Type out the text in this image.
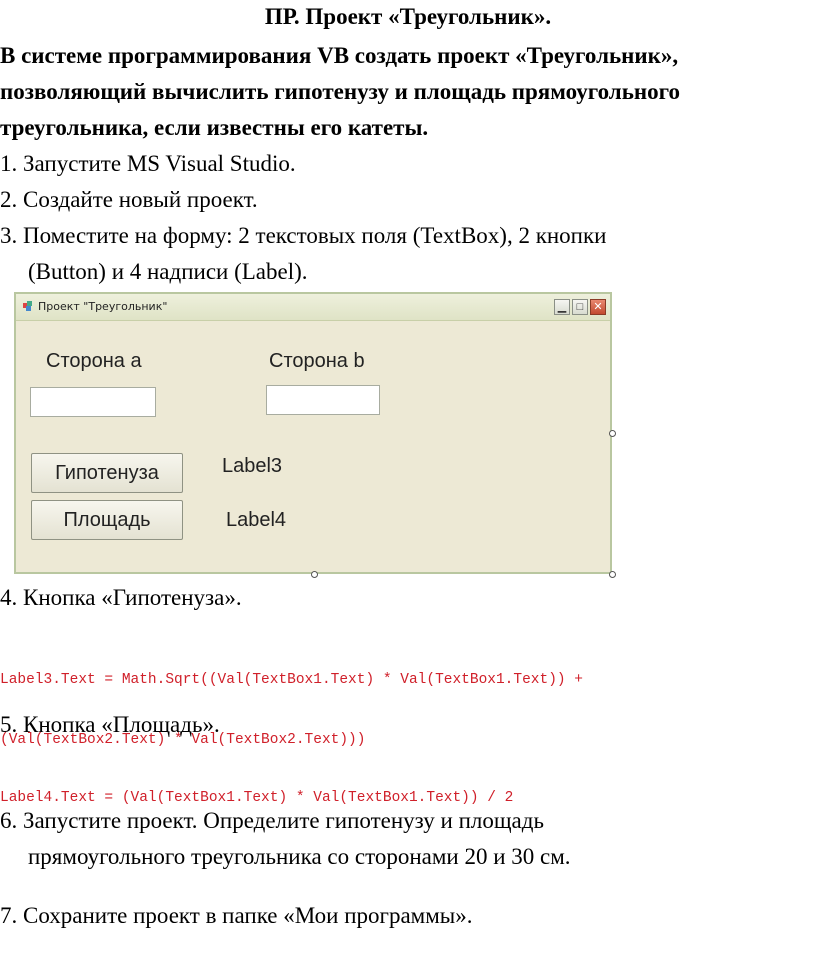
ПР. Проект «Треугольник».
В системе программирования VB создать проект «Треугольник»,
позволяющий вычислить гипотенузу и площадь прямоугольного
треугольника, если известны его катеты.
1. Запустите MS Visual Studio.
2. Создайте новый проект.
3. Поместите на форму: 2 текстовых поля (TextBox), 2 кнопки
(Button) и 4 надписи (Label).
Проект "Треугольник"	▁ □ ✕
Сторона a	Сторона b
Гипотенуза
Площадь
Label3
Label4
4. Кнопка «Гипотенуза».

Label3.Text = Math.Sqrt((Val(TextBox1.Text) * Val(TextBox1.Text)) +

(Val(TextBox2.Text) * Val(TextBox2.Text)))

5. Кнопка «Площадь».

Label4.Text = (Val(TextBox1.Text) * Val(TextBox1.Text)) / 2

6. Запустите проект. Определите гипотенузу и площадь
прямоугольного треугольника со сторонами 20 и 30 см.
7. Сохраните проект в папке «Мои программы».
